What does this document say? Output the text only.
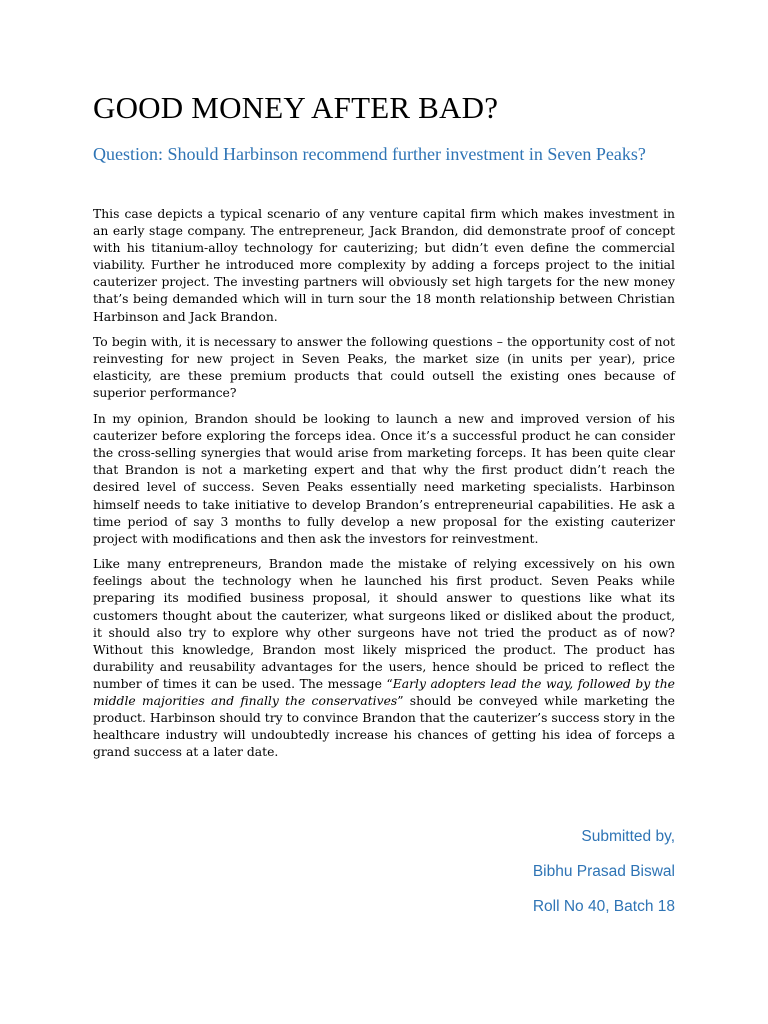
GOOD MONEY AFTER BAD?
Question: Should Harbinson recommend further investment in Seven Peaks?

This case depicts a typical scenario of any venture capital firm which makes investment in an early stage company. The entrepreneur, Jack Brandon, did demonstrate proof of concept with his titanium-alloy technology for cauterizing; but didn’t even define the commercial viability. Further he introduced more complexity by adding a forceps project to the initial cauterizer project. The investing partners will obviously set high targets for the new money that’s being demanded which will in turn sour the 18 month relationship between Christian Harbinson and Jack Brandon.

To begin with, it is necessary to answer the following questions – the opportunity cost of not reinvesting for new project in Seven Peaks, the market size (in units per year), price elasticity, are these premium products that could outsell the existing ones because of superior performance?

In my opinion, Brandon should be looking to launch a new and improved version of his cauterizer before exploring the forceps idea. Once it’s a successful product he can consider the cross-selling synergies that would arise from marketing forceps. It has been quite clear that Brandon is not a marketing expert and that why the first product didn’t reach the desired level of success. Seven Peaks essentially need marketing specialists. Harbinson himself needs to take initiative to develop Brandon’s entrepreneurial capabilities. He ask a time period of say 3 months to fully develop a new proposal for the existing cauterizer project with modifications and then ask the investors for reinvestment.

Like many entrepreneurs, Brandon made the mistake of relying excessively on his own feelings about the technology when he launched his first product. Seven Peaks while preparing its modified business proposal, it should answer to questions like what its customers thought about the cauterizer, what surgeons liked or disliked about the product, it should also try to explore why other surgeons have not tried the product as of now? Without this knowledge, Brandon most likely mispriced the product. The product has durability and reusability advantages for the users, hence should be priced to reflect the number of times it can be used. The message “Early adopters lead the way, followed by the middle majorities and finally the conservatives” should be conveyed while marketing the product. Harbinson should try to convince Brandon that the cauterizer’s success story in the healthcare industry will undoubtedly increase his chances of getting his idea of forceps a grand success at a later date.

Submitted by,
Bibhu Prasad Biswal
Roll No 40, Batch 18
